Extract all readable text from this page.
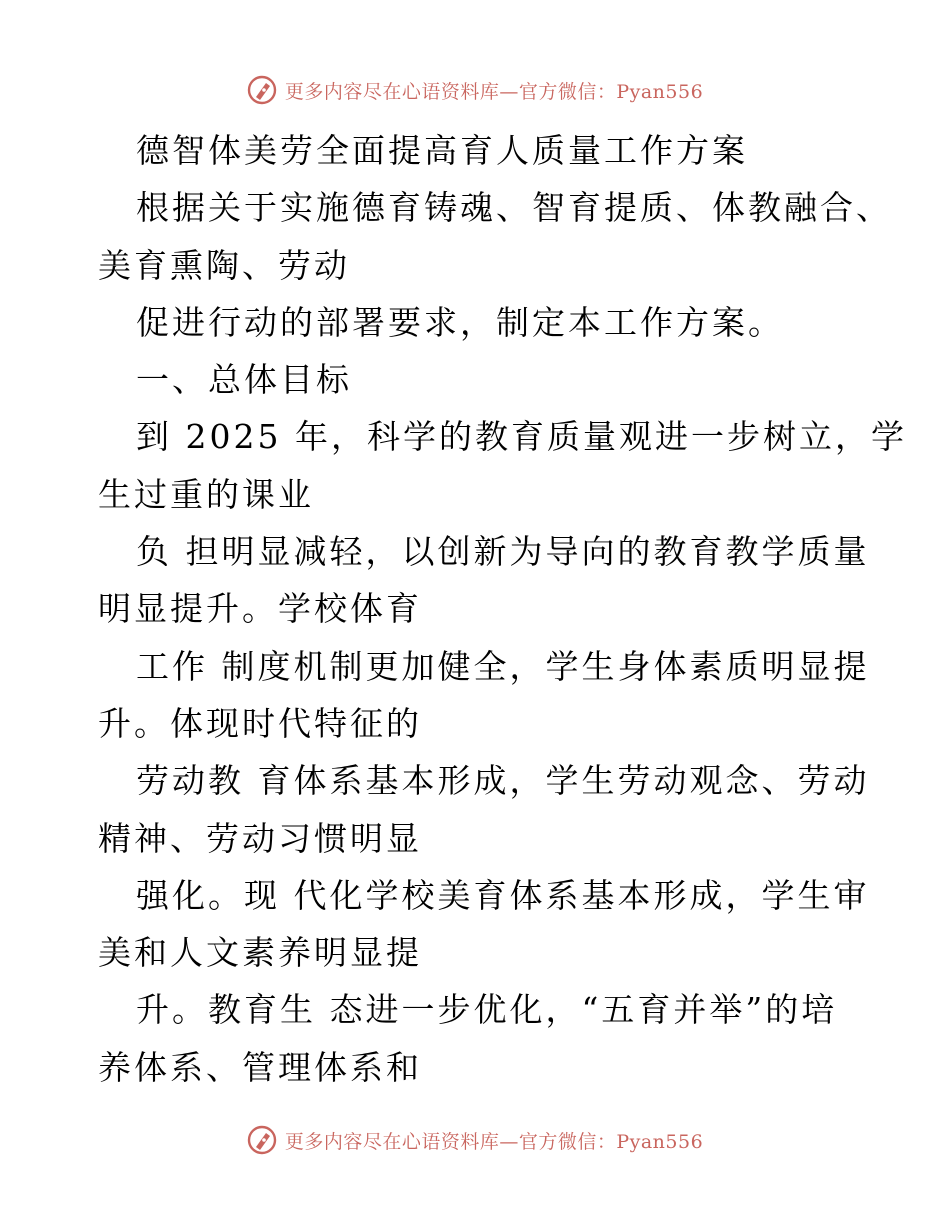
更多内容尽在心语资料库—官方微信：Pyan556

德智体美劳全面提高育人质量工作方案

根据关于实施德育铸魂、智育提质、体教融合、

美育熏陶、劳动

促进行动的部署要求，制定本工作方案。

一、总体目标

到 2025 年，科学的教育质量观进一步树立，学

生过重的课业

负 担明显减轻，以创新为导向的教育教学质量

明显提升。学校体育

工作 制度机制更加健全，学生身体素质明显提

升。体现时代特征的

劳动教 育体系基本形成，学生劳动观念、劳动

精神、劳动习惯明显

强化。现 代化学校美育体系基本形成，学生审

美和人文素养明显提

升。教育生 态进一步优化，“五育并举”的培

养体系、管理体系和

更多内容尽在心语资料库—官方微信：Pyan556
